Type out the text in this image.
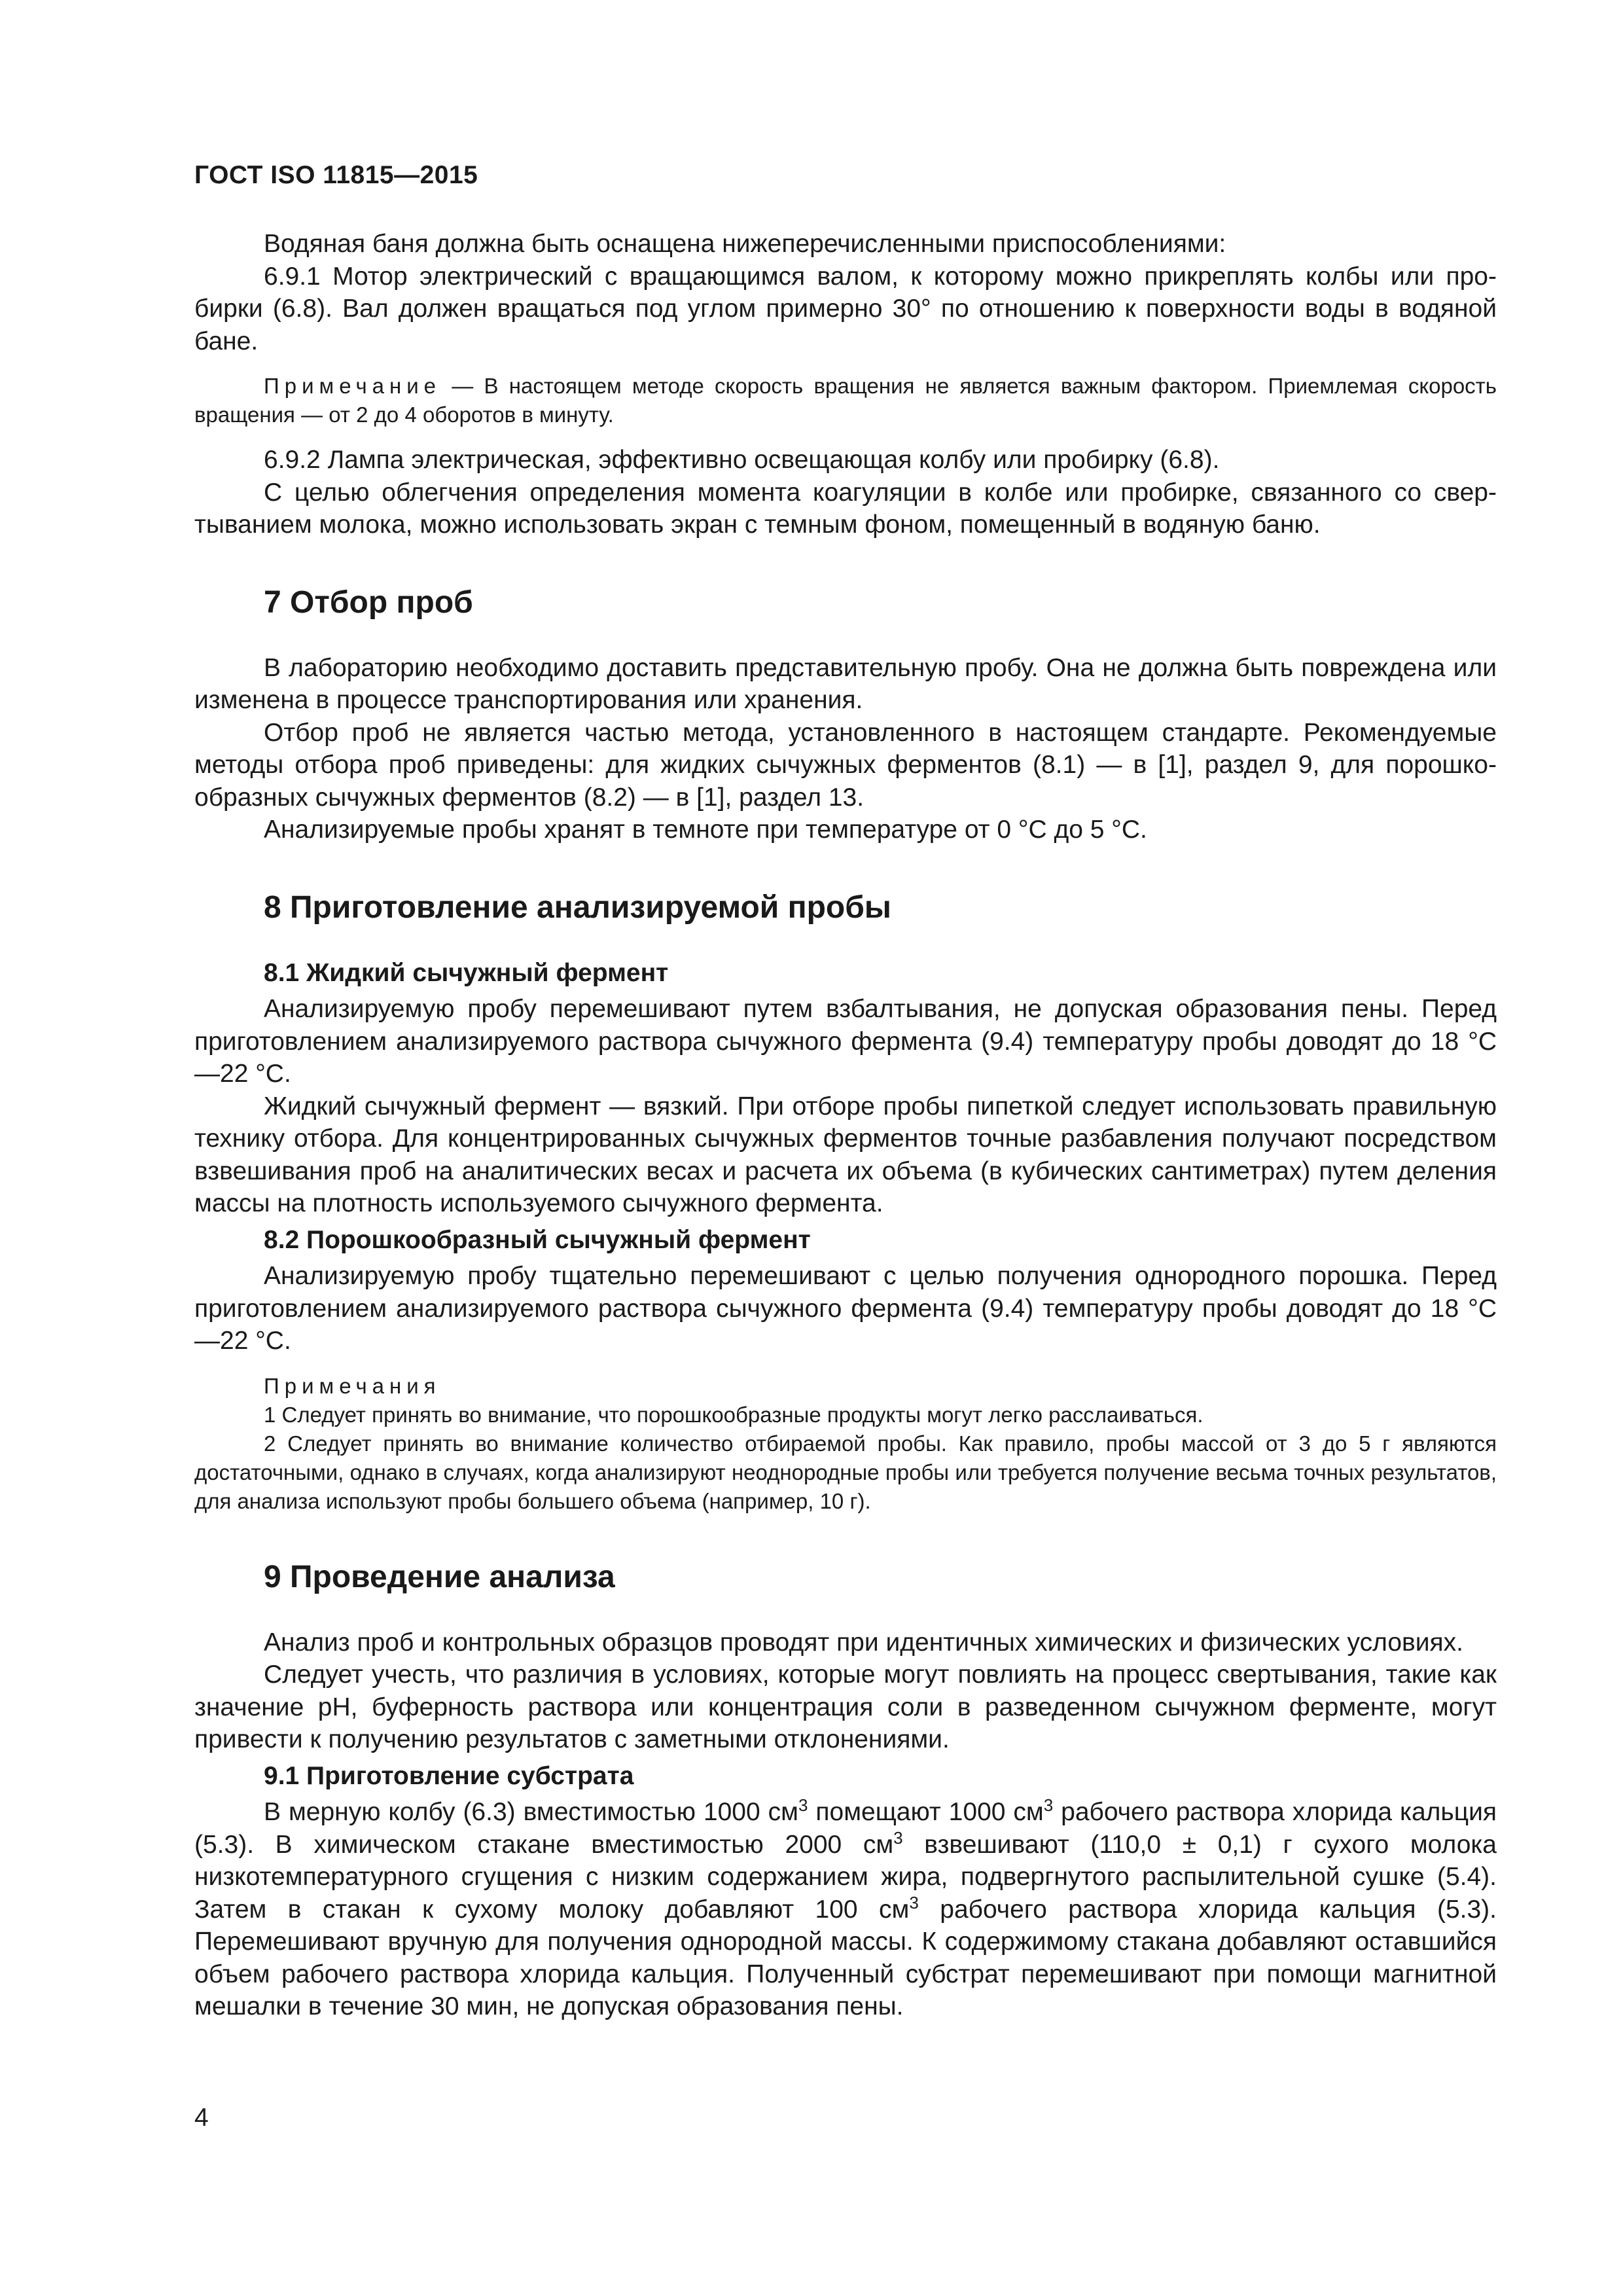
ГОСТ ISO 11815—2015

Водяная баня должна быть оснащена нижеперечисленными приспособлениями:

6.9.1 Мотор электрический с вращающимся валом, к которому можно прикреплять колбы или пробирки (6.8). Вал должен вращаться под углом примерно 30° по отношению к поверхности воды в водяной бане.

Примечание — В настоящем методе скорость вращения не является важным фактором. Приемлемая скорость вращения — от 2 до 4 оборотов в минуту.

6.9.2 Лампа электрическая, эффективно освещающая колбу или пробирку (6.8).

С целью облегчения определения момента коагуляции в колбе или пробирке, связанного со свертыванием молока, можно использовать экран с темным фоном, помещенный в водяную баню.

7 Отбор проб

В лабораторию необходимо доставить представительную пробу. Она не должна быть повреждена или изменена в процессе транспортирования или хранения.

Отбор проб не является частью метода, установленного в настоящем стандарте. Рекомендуемые методы отбора проб приведены: для жидких сычужных ферментов (8.1) — в [1], раздел 9, для порошкообразных сычужных ферментов (8.2) — в [1], раздел 13.

Анализируемые пробы хранят в темноте при температуре от 0 °С до 5 °С.

8 Приготовление анализируемой пробы
8.1 Жидкий сычужный фермент

Анализируемую пробу перемешивают путем взбалтывания, не допуская образования пены. Перед приготовлением анализируемого раствора сычужного фермента (9.4) температуру пробы доводят до 18 °С—22 °С.

Жидкий сычужный фермент — вязкий. При отборе пробы пипеткой следует использовать правильную технику отбора. Для концентрированных сычужных ферментов точные разбавления получают посредством взвешивания проб на аналитических весах и расчета их объема (в кубических сантиметрах) путем деления массы на плотность используемого сычужного фермента.

8.2 Порошкообразный сычужный фермент

Анализируемую пробу тщательно перемешивают с целью получения однородного порошка. Перед приготовлением анализируемого раствора сычужного фермента (9.4) температуру пробы доводят до 18 °С—22 °С.

Примечания

1 Следует принять во внимание, что порошкообразные продукты могут легко расслаиваться.

2 Следует принять во внимание количество отбираемой пробы. Как правило, пробы массой от 3 до 5 г являются достаточными, однако в случаях, когда анализируют неоднородные пробы или требуется получение весьма точных результатов, для анализа используют пробы большего объема (например, 10 г).

9 Проведение анализа

Анализ проб и контрольных образцов проводят при идентичных химических и физических условиях.

Следует учесть, что различия в условиях, которые могут повлиять на процесс свертывания, такие как значение pH, буферность раствора или концентрация соли в разведенном сычужном ферменте, могут привести к получению результатов с заметными отклонениями.

9.1 Приготовление субстрата

В мерную колбу (6.3) вместимостью 1000 $см^3$ помещают 1000 $см^3$ рабочего раствора хлорида кальция (5.3). В химическом стакане вместимостью 2000 $см^3$ взвешивают (110,0 ± 0,1) г сухого молока низкотемпературного сгущения с низким содержанием жира, подвергнутого распылительной сушке (5.4). Затем в стакан к сухому молоку добавляют 100 $см^3$ рабочего раствора хлорида кальция (5.3). Перемешивают вручную для получения однородной массы. К содержимому стакана добавляют оставшийся объем рабочего раствора хлорида кальция. Полученный субстрат перемешивают при помощи магнитной мешалки в течение 30 мин, не допуская образования пены.

4
